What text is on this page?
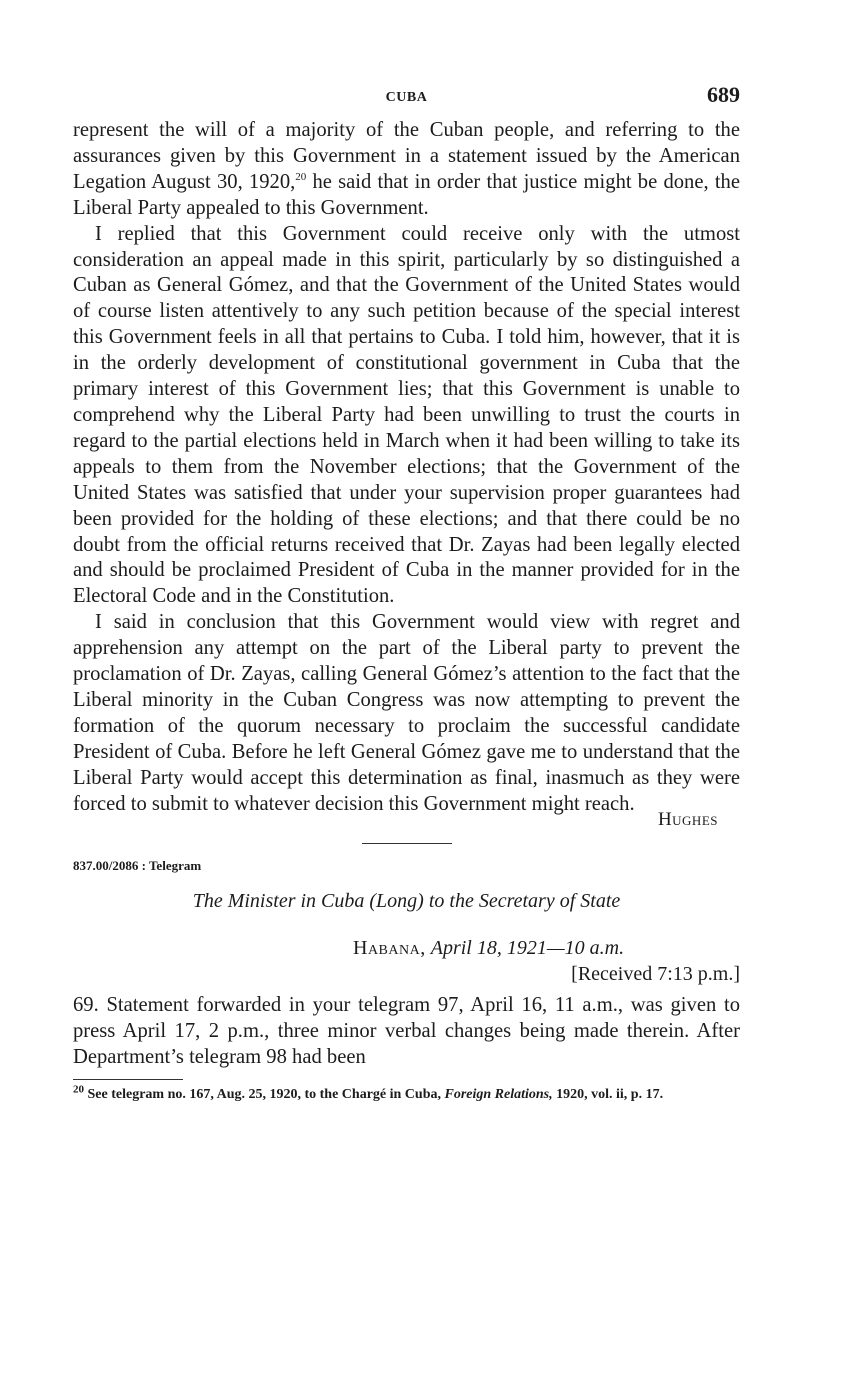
CUBA	689

represent the will of a majority of the Cuban people, and referring to the assurances given by this Government in a statement issued by the American Legation August 30, 1920,20 he said that in order that justice might be done, the Liberal Party appealed to this Government.

I replied that this Government could receive only with the utmost consideration an appeal made in this spirit, particularly by so distinguished a Cuban as General Gómez, and that the Government of the United States would of course listen attentively to any such petition because of the special interest this Government feels in all that pertains to Cuba. I told him, however, that it is in the orderly development of constitutional government in Cuba that the primary interest of this Government lies; that this Government is unable to comprehend why the Liberal Party had been unwilling to trust the courts in regard to the partial elections held in March when it had been willing to take its appeals to them from the November elections; that the Government of the United States was satisfied that under your supervision proper guarantees had been provided for the holding of these elections; and that there could be no doubt from the official returns received that Dr. Zayas had been legally elected and should be proclaimed President of Cuba in the manner provided for in the Electoral Code and in the Constitution.

I said in conclusion that this Government would view with regret and apprehension any attempt on the part of the Liberal party to prevent the proclamation of Dr. Zayas, calling General Gómez’s attention to the fact that the Liberal minority in the Cuban Congress was now attempting to prevent the formation of the quorum necessary to proclaim the successful candidate President of Cuba. Before he left General Gómez gave me to understand that the Liberal Party would accept this determination as final, inasmuch as they were forced to submit to whatever decision this Government might reach.

Hughes
837.00/2086 : Telegram
The Minister in Cuba (Long) to the Secretary of State
Habana, April 18, 1921—10 a.m.
[Received 7:13 p.m.]
69. Statement forwarded in your telegram 97, April 16, 11 a.m., was given to press April 17, 2 p.m., three minor verbal changes being made therein. After Department’s telegram 98 had been
$^{20}$ See telegram no. 167, Aug. 25, 1920, to the Chargé in Cuba, Foreign Relations, 1920, vol. ii, p. 17.
